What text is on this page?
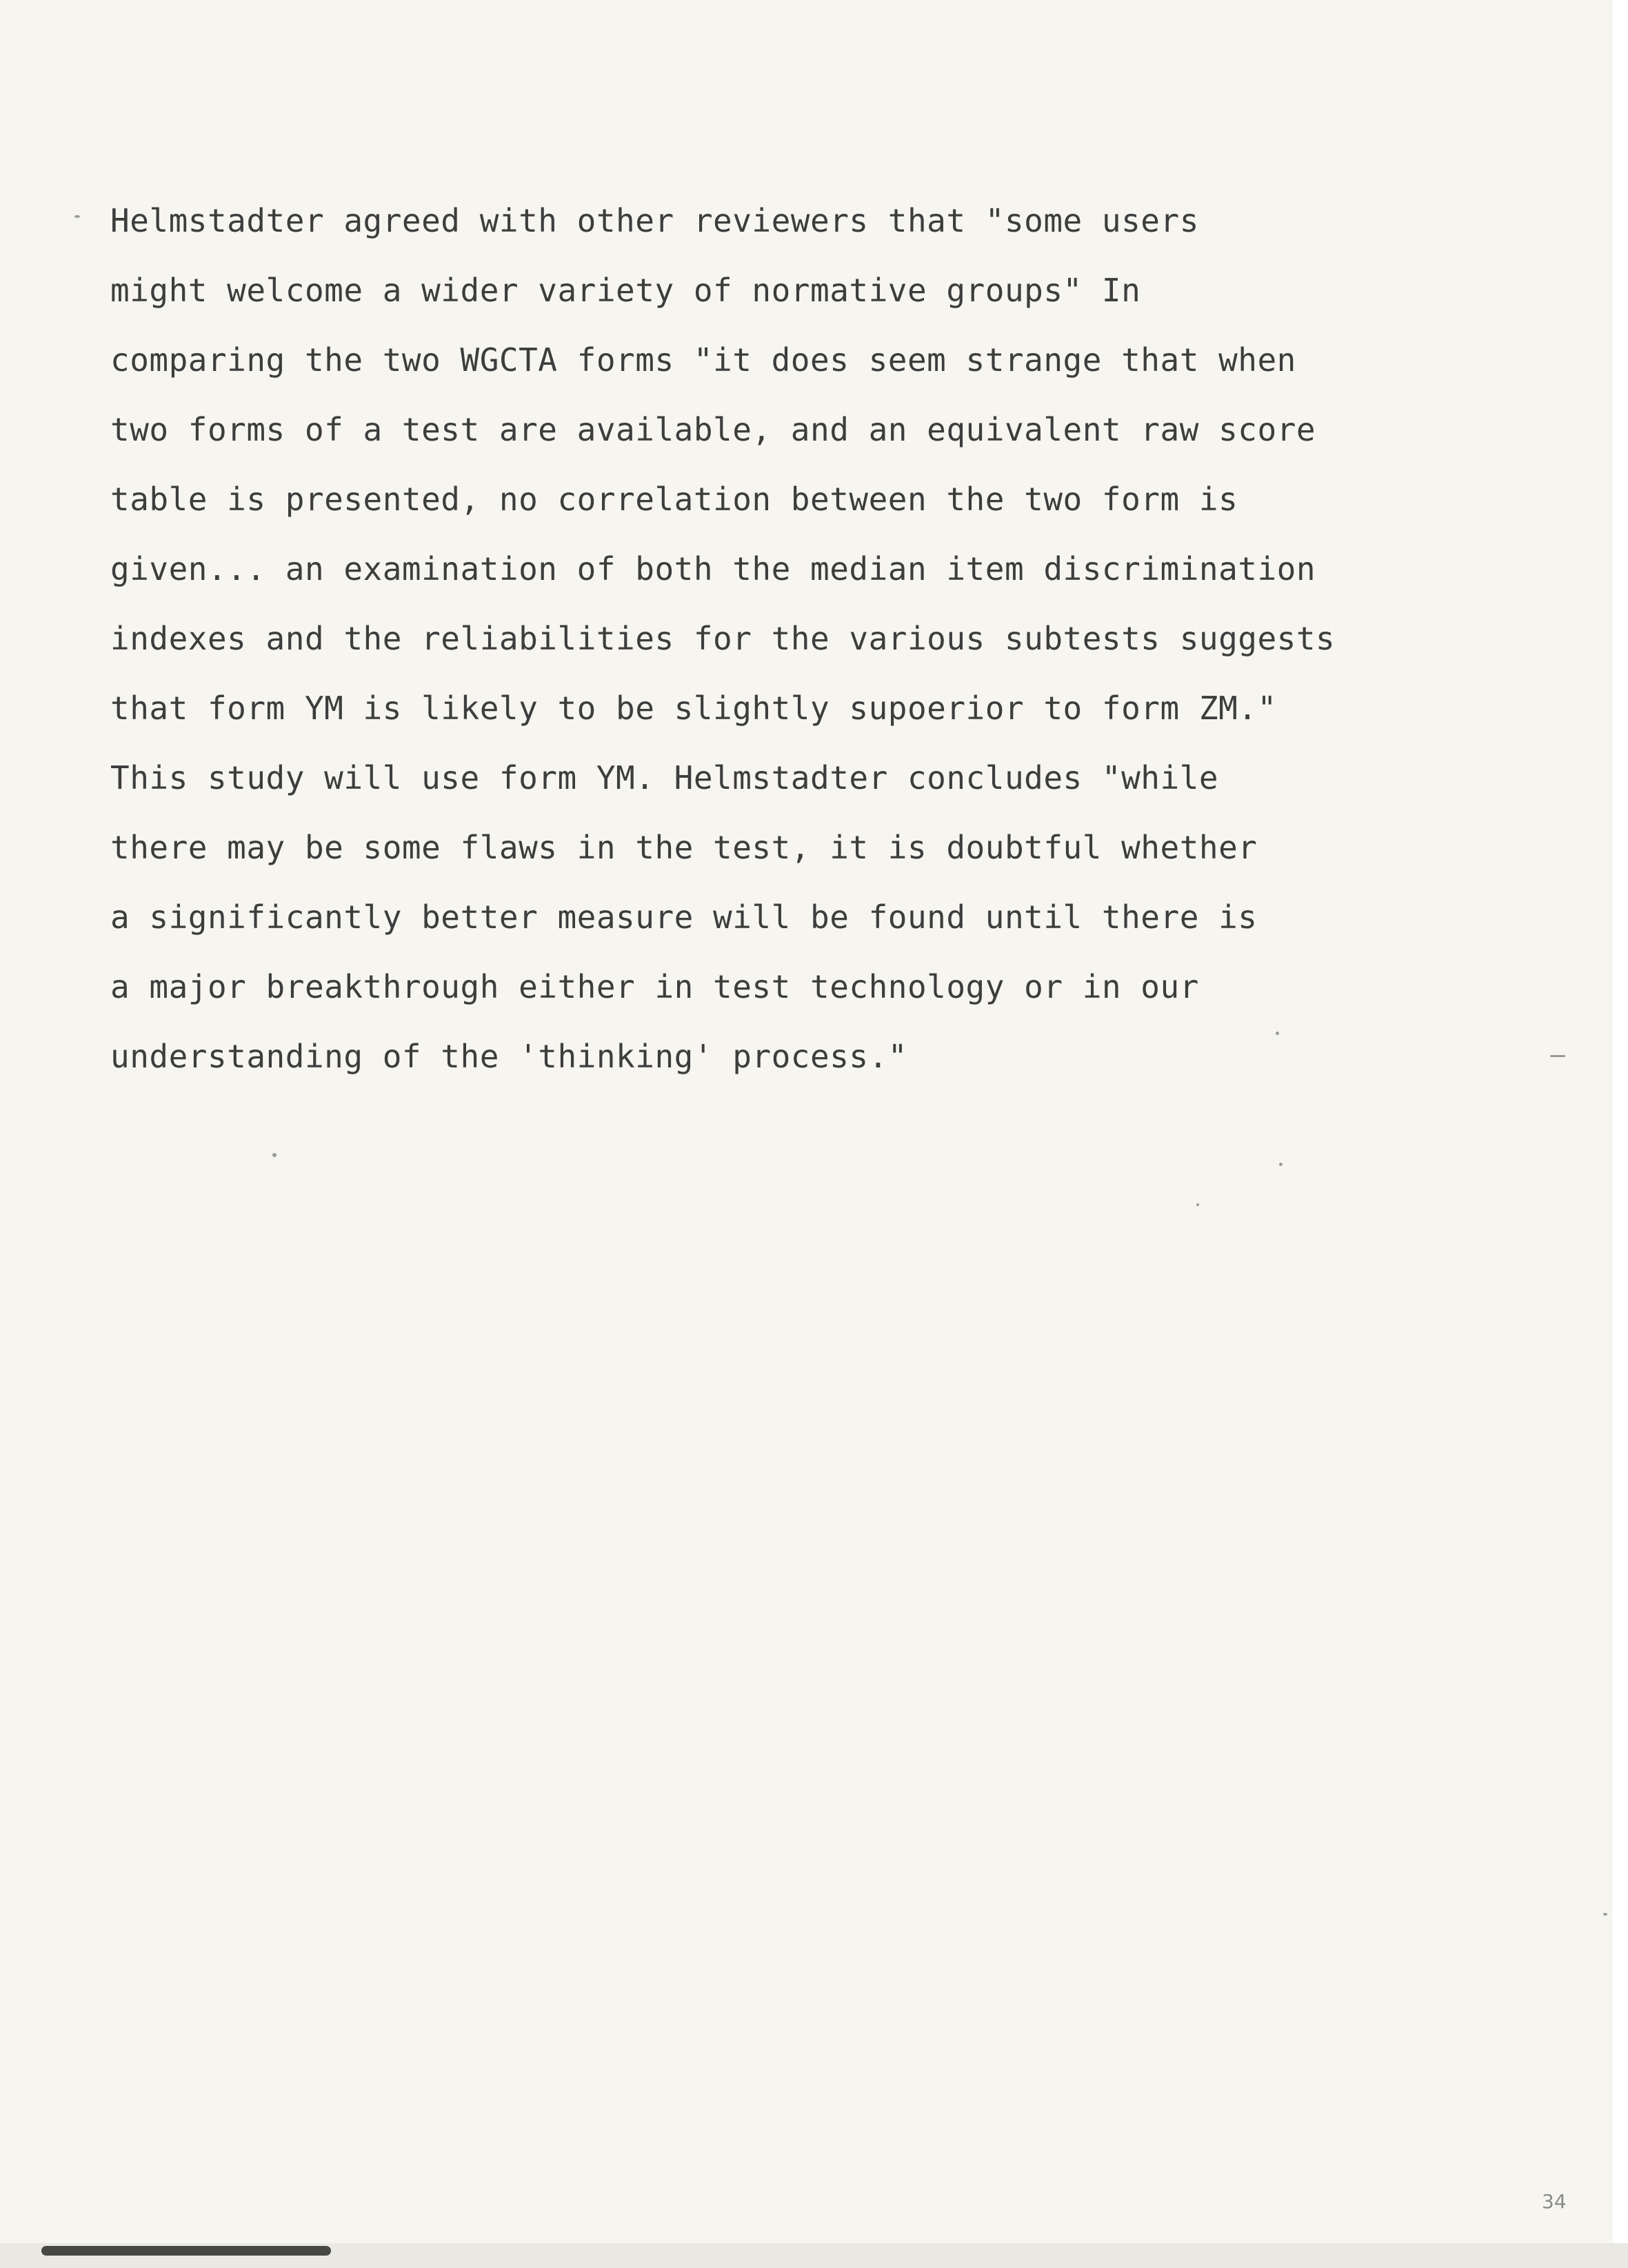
Helmstadter agreed with other reviewers that "some users
might welcome a wider variety of normative groups" In
comparing the two WGCTA forms "it does seem strange that when
two forms of a test are available, and an equivalent raw score
table is presented, no correlation between the two form is
given... an examination of both the median item discrimination
indexes and the reliabilities for the various subtests suggests
that form YM is likely to be slightly supoerior to form ZM."
This study will use form YM. Helmstadter concludes "while
there may be some flaws in the test, it is doubtful whether
a significantly better measure will be found until there is
a major breakthrough either in test technology or in our
understanding of the 'thinking' process."
34
